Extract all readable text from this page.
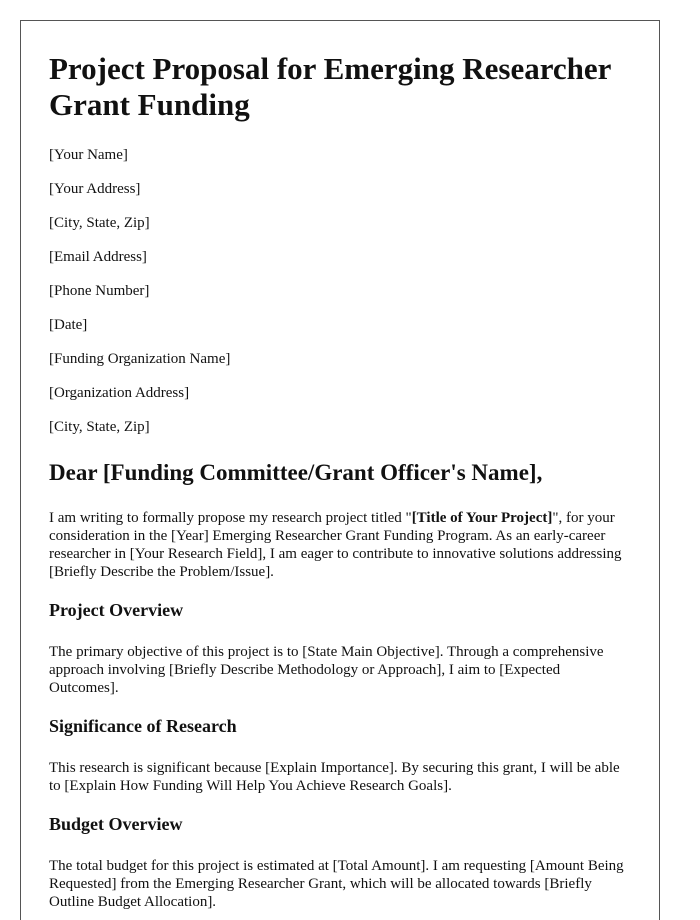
Project Proposal for Emerging Researcher Grant Funding

[Your Name]

[Your Address]

[City, State, Zip]

[Email Address]

[Phone Number]

[Date]

[Funding Organization Name]

[Organization Address]

[City, State, Zip]

Dear [Funding Committee/Grant Officer's Name],

I am writing to formally propose my research project titled "[Title of Your Project]", for your consideration in the [Year] Emerging Researcher Grant Funding Program. As an early-career researcher in [Your Research Field], I am eager to contribute to innovative solutions addressing [Briefly Describe the Problem/Issue].

Project Overview

The primary objective of this project is to [State Main Objective]. Through a comprehensive approach involving [Briefly Describe Methodology or Approach], I aim to [Expected Outcomes].

Significance of Research

This research is significant because [Explain Importance]. By securing this grant, I will be able to [Explain How Funding Will Help You Achieve Research Goals].

Budget Overview

The total budget for this project is estimated at [Total Amount]. I am requesting [Amount Being Requested] from the Emerging Researcher Grant, which will be allocated towards [Briefly Outline Budget Allocation].
